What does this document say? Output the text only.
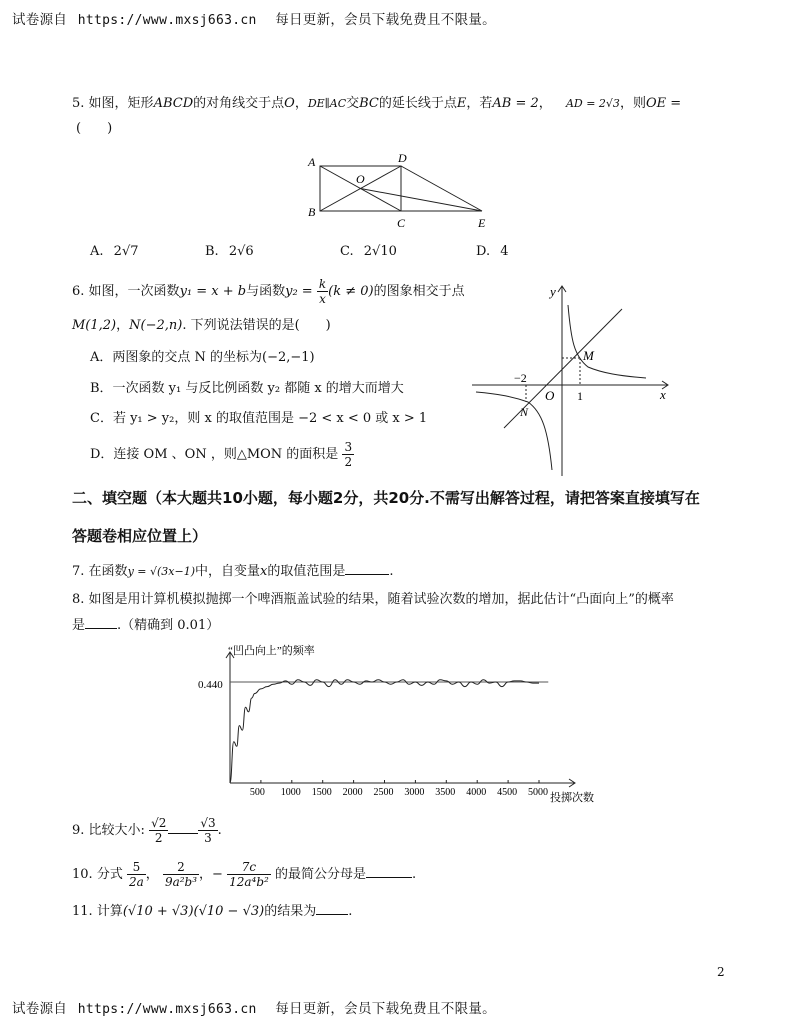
试卷源自 https://www.mxsj663.cn 每日更新，会员下载免费且不限量。
5. 如图，矩形ABCD的对角线交于点O，DE∥AC交BC的延长线于点E，若AB = 2， AD = 2√3，则OE =
(　　)
A
B
C
D
E
O
A. 2√7	B. 2√6	C. 2√10	D. 4
6. 如图，一次函数y₁ = x + b与函数$y_2 = \frac{k}{x} (k \ne 0)$的图象相交于点
M(1,2)，N(−2,n). 下列说法错误的是(　　)
A．两图象的交点 N 的坐标为(−2,−1)
B．一次函数 y₁ 与反比例函数 y₂ 都随 x 的增大而增大
C．若 y₁ > y₂，则 x 的取值范围是 −2 < x < 0 或 x > 1
D．连接 OM 、ON ，则△MON 的面积是 $\frac{3}{2}$
y
x
O
M
N
−2
1
二、填空题（本大题共10小题，每小题2分，共20分.不需写出解答过程，请把答案直接填写在
答题卷相应位置上）
7. 在函数y = √(3x−1)中，自变量x的取值范围是	.
8. 如图是用计算机模拟抛掷一个啤酒瓶盖试验的结果，随着试验次数的增加，据此估计“凸面向上”的概率
是 .（精确到 0.01）
“凹凸向上”的频率
投掷次数
0.440
500 1000 1500 2000 2500 3000 3500 4000 4500 5000
9. 比较大小: $\frac{√2}{2}$	$\frac{√3}{3}$ .
10. 分式 $\frac{5}{2a}$ ， $\frac{2}{\text{9a²b³}}$ ，− $\frac{7c}{\text{12a⁴b²}}$ 的最简公分母是	.
11. 计算(√10 + √3)(√10 − √3)的结果为 .
2
试卷源自 https://www.mxsj663.cn 每日更新，会员下载免费且不限量。
